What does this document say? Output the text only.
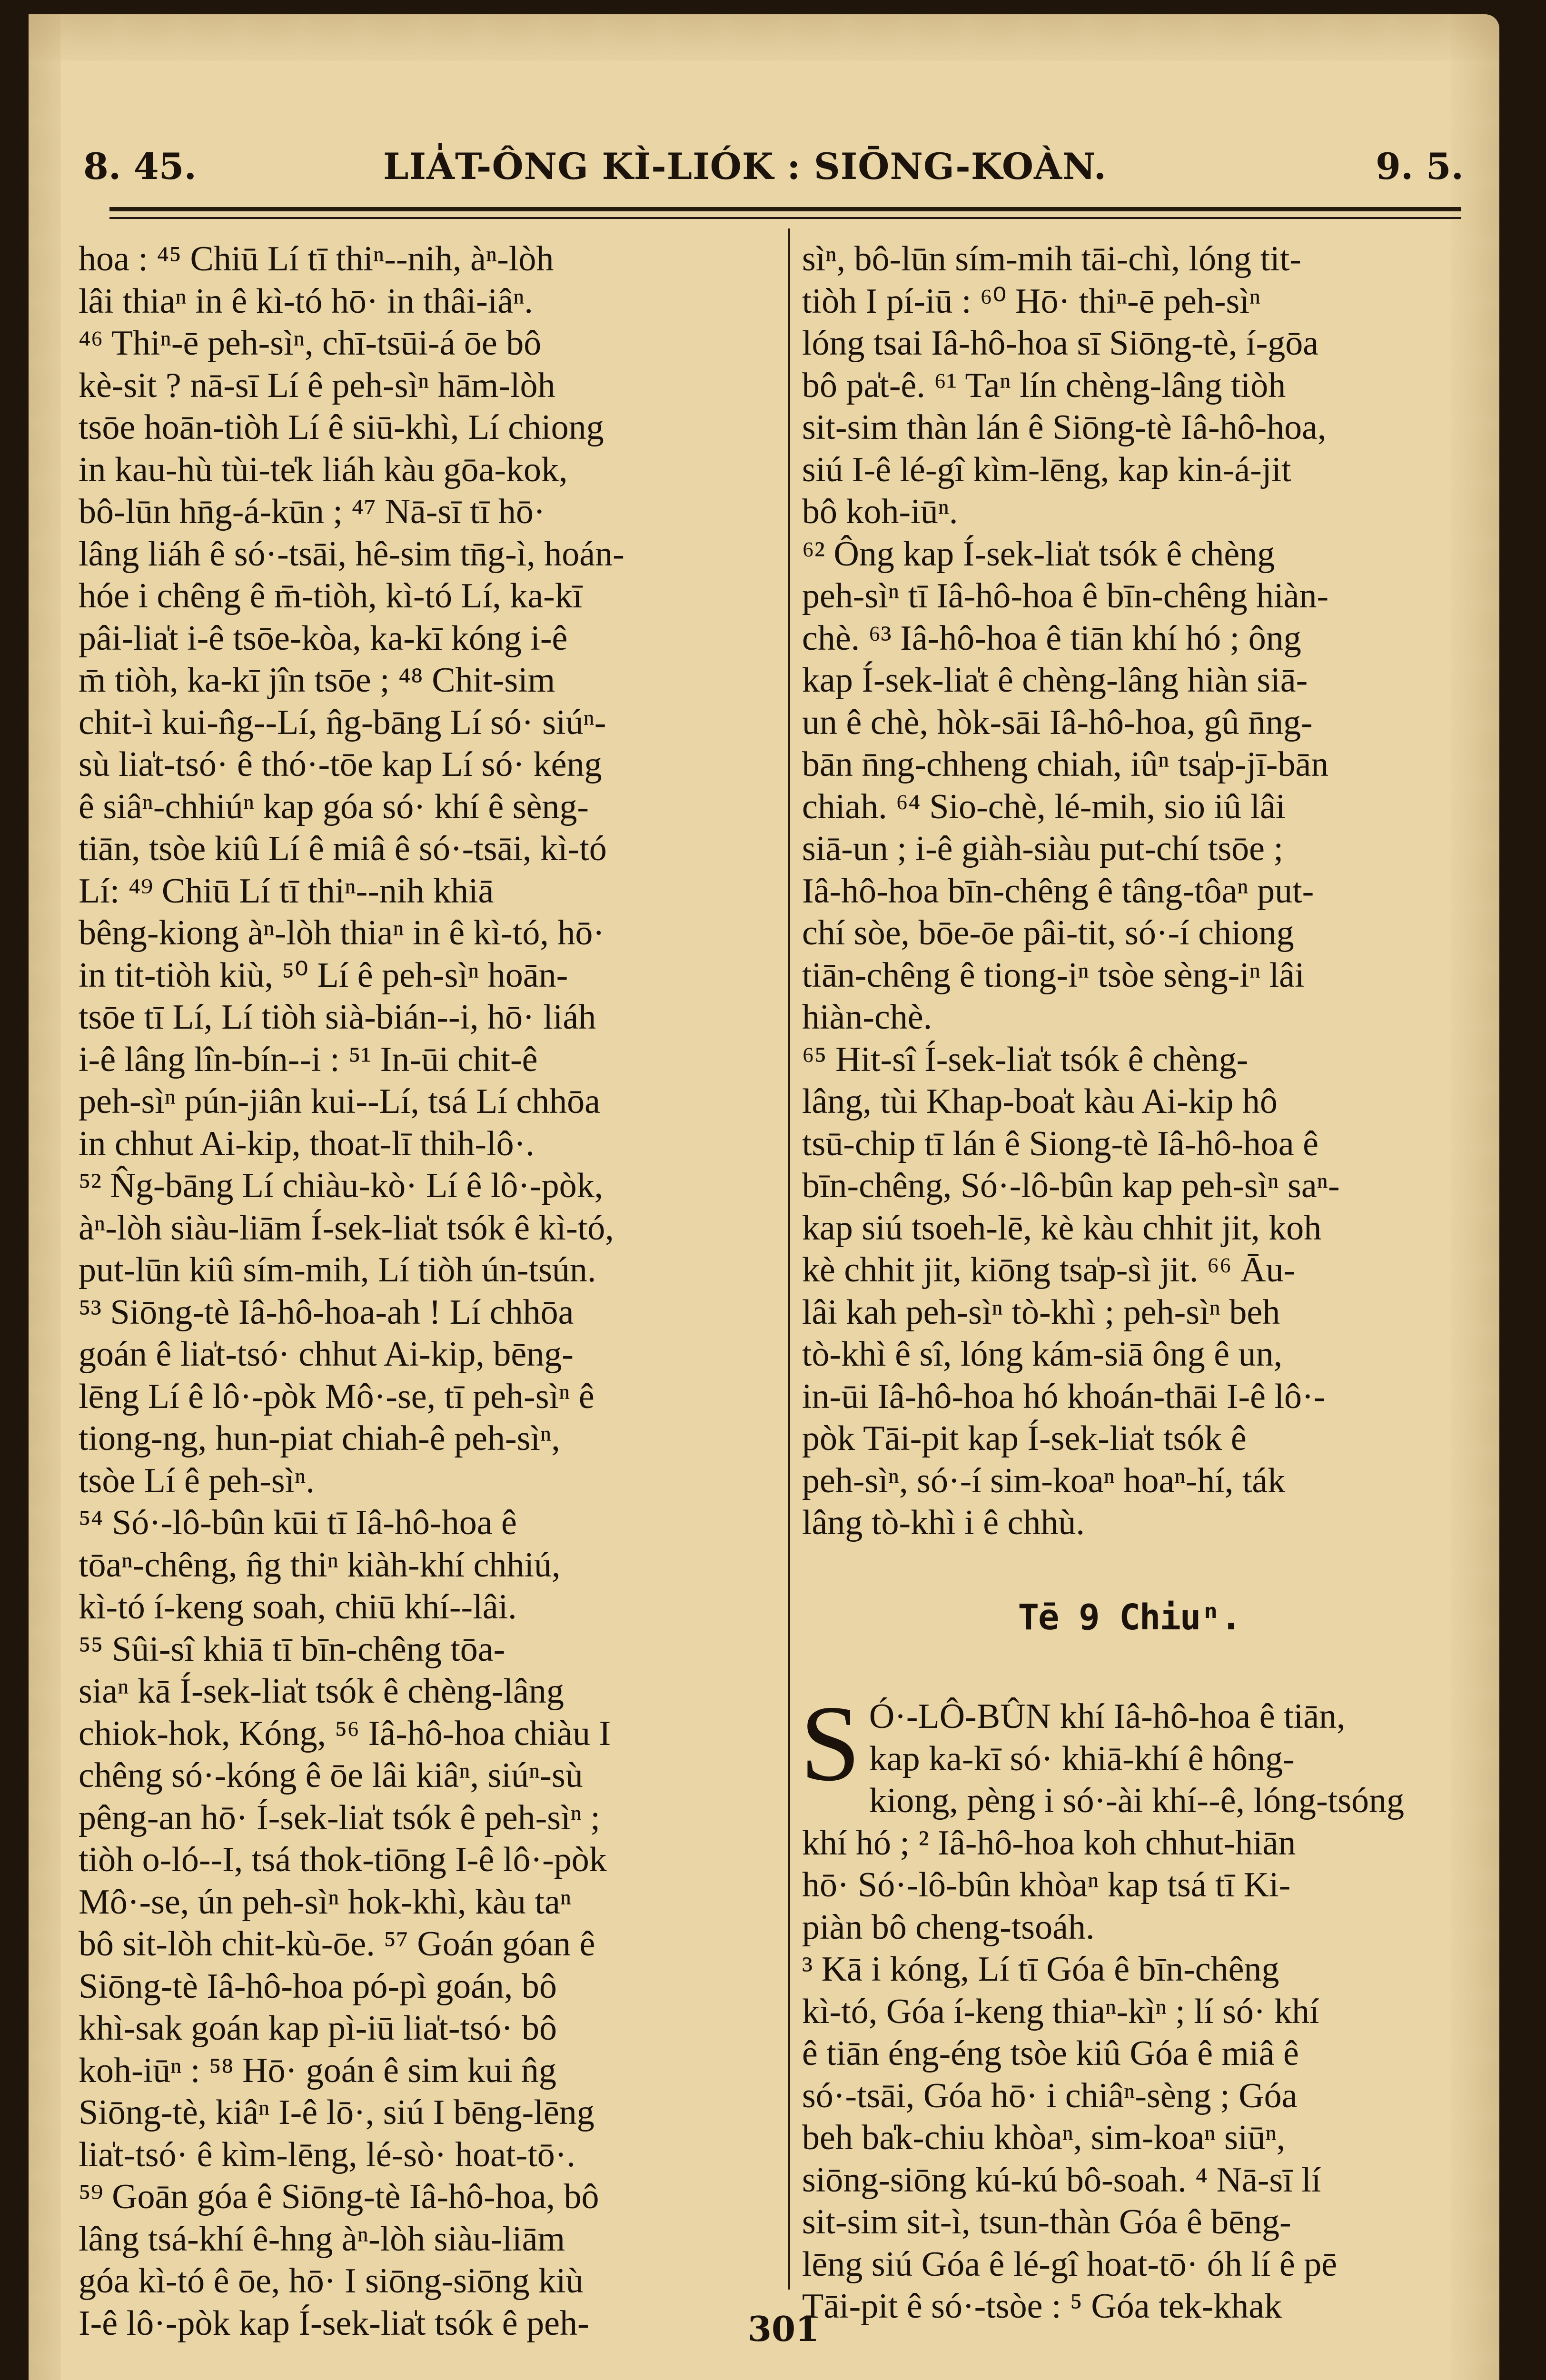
8. 45.	LIA̍T-ÔNG KÌ-LIÓK : SIŌNG-KOÀN.	9. 5.
hoa : ⁴⁵ Chiū Lí tī thiⁿ--nih, àⁿ-lòh
lâi thiaⁿ in ê kì-tó hō· in thâi-iâⁿ.
⁴⁶ Thiⁿ-ē peh-sìⁿ, chī-tsūi-á ōe bô
kè-sit ? nā-sī Lí ê peh-sìⁿ hām-lòh
tsōe hoān-tiòh Lí ê siū-khì, Lí chiong
in kau-hù tùi-te̍k liáh kàu gōa-kok,
bô-lūn hn̄g-á-kūn ; ⁴⁷ Nā-sī tī hō·
lâng liáh ê só·-tsāi, hê-sim tn̄g-ì, hoán-
hóe i chêng ê m̄-tiòh, kì-tó Lí, ka-kī
pâi-lia̍t i-ê tsōe-kòa, ka-kī kóng i-ê
m̄ tiòh, ka-kī jîn tsōe ; ⁴⁸ Chit-sim
chit-ì kui-n̂g--Lí, n̂g-bāng Lí só· siúⁿ-
sù lia̍t-tsó· ê thó·-tōe kap Lí só· kéng
ê siâⁿ-chhiúⁿ kap góa só· khí ê sèng-
tiān, tsòe kiû Lí ê miâ ê só·-tsāi, kì-tó
Lí: ⁴⁹ Chiū Lí tī thiⁿ--nih khiā
bêng-kiong àⁿ-lòh thiaⁿ in ê kì-tó, hō·
in tit-tiòh kiù, ⁵⁰ Lí ê peh-sìⁿ hoān-
tsōe tī Lí, Lí tiòh sià-bián--i, hō· liáh
i-ê lâng lîn-bín--i : ⁵¹ In-ūi chit-ê
peh-sìⁿ pún-jiân kui--Lí, tsá Lí chhōa
in chhut Ai-kip, thoat-lī thih-lô·.
⁵² N̂g-bāng Lí chiàu-kò· Lí ê lô·-pòk,
àⁿ-lòh siàu-liām Í-sek-lia̍t tsók ê kì-tó,
put-lūn kiû sím-mih, Lí tiòh ún-tsún.
⁵³ Siōng-tè Iâ-hô-hoa-ah ! Lí chhōa
goán ê lia̍t-tsó· chhut Ai-kip, bēng-
lēng Lí ê lô·-pòk Mô·-se, tī peh-sìⁿ ê
tiong-ng, hun-piat chiah-ê peh-sìⁿ,
tsòe Lí ê peh-sìⁿ.
⁵⁴ Só·-lô-bûn kūi tī Iâ-hô-hoa ê
tōaⁿ-chêng, n̂g thiⁿ kiàh-khí chhiú,
kì-tó í-keng soah, chiū khí--lâi.
⁵⁵ Sûi-sî khiā tī bīn-chêng tōa-
siaⁿ kā Í-sek-lia̍t tsók ê chèng-lâng
chiok-hok, Kóng, ⁵⁶ Iâ-hô-hoa chiàu I
chêng só·-kóng ê ōe lâi kiâⁿ, siúⁿ-sù
pêng-an hō· Í-sek-lia̍t tsók ê peh-sìⁿ ;
tiòh o-ló--I, tsá thok-tiōng I-ê lô·-pòk
Mô·-se, ún peh-sìⁿ hok-khì, kàu taⁿ
bô sit-lòh chit-kù-ōe. ⁵⁷ Goán góan ê
Siōng-tè Iâ-hô-hoa pó-pì goán, bô
khì-sak goán kap pì-iū lia̍t-tsó· bô
koh-iūⁿ : ⁵⁸ Hō· goán ê sim kui n̂g
Siōng-tè, kiâⁿ I-ê lō·, siú I bēng-lēng
lia̍t-tsó· ê kìm-lēng, lé-sò· hoat-tō·.
⁵⁹ Goān góa ê Siōng-tè Iâ-hô-hoa, bô
lâng tsá-khí ê-hng àⁿ-lòh siàu-liām
góa kì-tó ê ōe, hō· I siōng-siōng kiù
I-ê lô·-pòk kap Í-sek-lia̍t tsók ê peh-
sìⁿ, bô-lūn sím-mih tāi-chì, lóng tit-
tiòh I pí-iū : ⁶⁰ Hō· thiⁿ-ē peh-sìⁿ
lóng tsai Iâ-hô-hoa sī Siōng-tè, í-gōa
bô pa̍t-ê. ⁶¹ Taⁿ lín chèng-lâng tiòh
sit-sim thàn lán ê Siōng-tè Iâ-hô-hoa,
siú I-ê lé-gî kìm-lēng, kap kin-á-jit
bô koh-iūⁿ.
⁶² Ông kap Í-sek-lia̍t tsók ê chèng
peh-sìⁿ tī Iâ-hô-hoa ê bīn-chêng hiàn-
chè. ⁶³ Iâ-hô-hoa ê tiān khí hó ; ông
kap Í-sek-lia̍t ê chèng-lâng hiàn siā-
un ê chè, hòk-sāi Iâ-hô-hoa, gû n̄ng-
bān n̄ng-chheng chiah, iûⁿ tsa̍p-jī-bān
chiah. ⁶⁴ Sio-chè, lé-mih, sio iû lâi
siā-un ; i-ê giàh-siàu put-chí tsōe ;
Iâ-hô-hoa bīn-chêng ê tâng-tôaⁿ put-
chí sòe, bōe-ōe pâi-tit, só·-í chiong
tiān-chêng ê tiong-iⁿ tsòe sèng-iⁿ lâi
hiàn-chè.
⁶⁵ Hit-sî Í-sek-lia̍t tsók ê chèng-
lâng, tùi Khap-boa̍t kàu Ai-kip hô
tsū-chip tī lán ê Siong-tè Iâ-hô-hoa ê
bīn-chêng, Só·-lô-bûn kap peh-sìⁿ saⁿ-
kap siú tsoeh-lē, kè kàu chhit jit, koh
kè chhit jit, kiōng tsa̍p-sì jit. ⁶⁶ Āu-
lâi kah peh-sìⁿ tò-khì ; peh-sìⁿ beh
tò-khì ê sî, lóng kám-siā ông ê un,
in-ūi Iâ-hô-hoa hó khoán-thāi I-ê lô·-
pòk Tāi-pit kap Í-sek-lia̍t tsók ê
peh-sìⁿ, só·-í sim-koaⁿ hoaⁿ-hí, ták
lâng tò-khì i ê chhù.
Tē 9 Chiuⁿ.
S Ó·-LÔ-BÛN khí Iâ-hô-hoa ê tiān,
kap ka-kī só· khiā-khí ê hông-
kiong, pèng i só·-ài khí--ê, lóng-tsóng
khí hó ; ² Iâ-hô-hoa koh chhut-hiān
hō· Só·-lô-bûn khòaⁿ kap tsá tī Ki-
piàn bô cheng-tsoáh.
³ Kā i kóng, Lí tī Góa ê bīn-chêng
kì-tó, Góa í-keng thiaⁿ-kìⁿ ; lí só· khí
ê tiān éng-éng tsòe kiû Góa ê miâ ê
só·-tsāi, Góa hō· i chiâⁿ-sèng ; Góa
beh ba̍k-chiu khòaⁿ, sim-koaⁿ siūⁿ,
siōng-siōng kú-kú bô-soah. ⁴ Nā-sī lí
sit-sim sit-ì, tsun-thàn Góa ê bēng-
lēng siú Góa ê lé-gî hoat-tō· óh lí ê pē
Tāi-pit ê só·-tsòe : ⁵ Góa tek-khak
301
